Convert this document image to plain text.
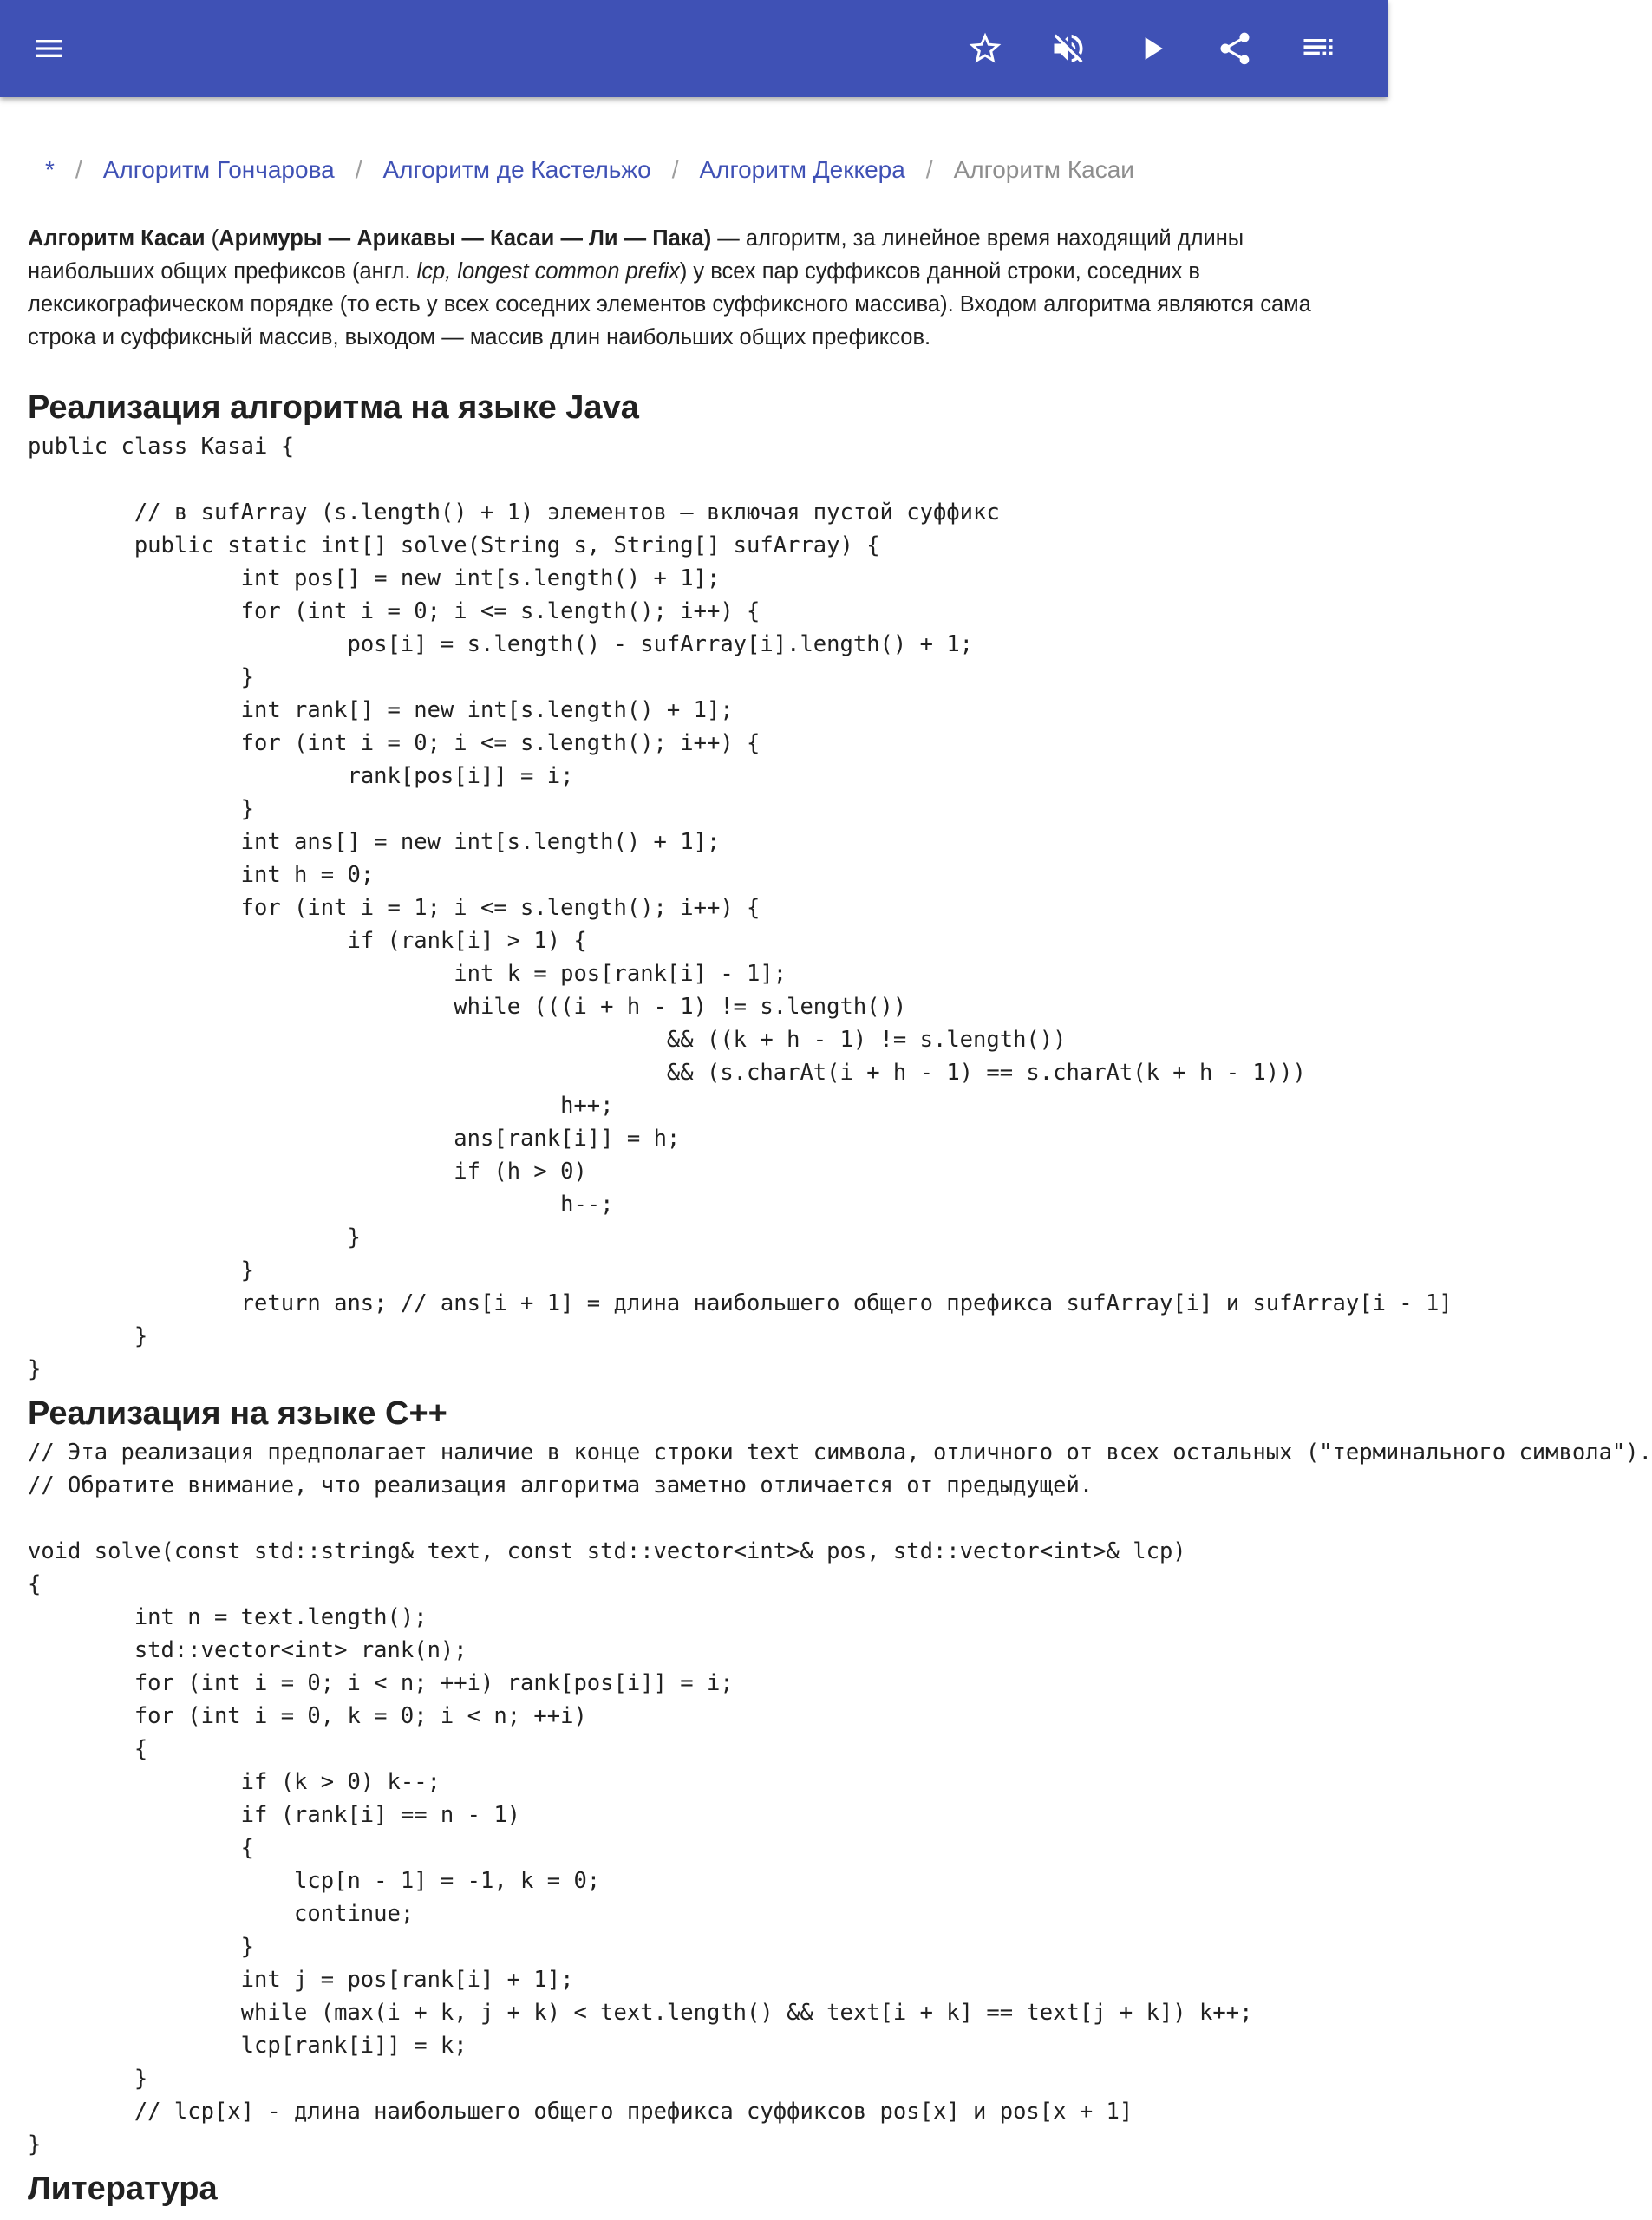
* / Алгоритм Гончарова / Алгоритм де Кастельжо / Алгоритм Деккера / Алгоритм Касаи

Алгоритм Касаи (Аримуры — Арикавы — Касаи — Ли — Пака) — алгоритм, за линейное время находящий длины наибольших общих префиксов (англ. lcp, longest common prefix) у всех пар суффиксов данной строки, соседних в лексикографическом порядке (то есть у всех соседних элементов суффиксного массива). Входом алгоритма являются сама строка и суффиксный массив, выходом — массив длин наибольших общих префиксов.

Реализация алгоритма на языке Java
public class Kasai {

	// в sufArray (s.length() + 1) элементов — включая пустой суффикс
	public static int[] solve(String s, String[] sufArray) {
		int pos[] = new int[s.length() + 1];
		for (int i = 0; i <= s.length(); i++) {
			pos[i] = s.length() - sufArray[i].length() + 1;
		}
		int rank[] = new int[s.length() + 1];
		for (int i = 0; i <= s.length(); i++) {
			rank[pos[i]] = i;
		}
		int ans[] = new int[s.length() + 1];
		int h = 0;
		for (int i = 1; i <= s.length(); i++) {
			if (rank[i] > 1) {
				int k = pos[rank[i] - 1];
				while (((i + h - 1) != s.length())
						&& ((k + h - 1) != s.length())
						&& (s.charAt(i + h - 1) == s.charAt(k + h - 1)))
					h++;
				ans[rank[i]] = h;
				if (h > 0)
					h--;
			}
		}
		return ans; // ans[i + 1] = длина наибольшего общего префикса sufArray[i] и sufArray[i - 1]
	}
}
Реализация на языке C++
// Эта реализация предполагает наличие в конце строки text символа, отличного от всех остальных ("терминального символа").
// Обратите внимание, что реализация алгоритма заметно отличается от предыдущей.

void solve(const std::string& text, const std::vector<int>& pos, std::vector<int>& lcp)
{
	int n = text.length();
	std::vector<int> rank(n);
	for (int i = 0; i < n; ++i) rank[pos[i]] = i;
	for (int i = 0, k = 0; i < n; ++i)
	{
		if (k > 0) k--;
		if (rank[i] == n - 1)
		{
		lcp[n - 1] = -1, k = 0;
		continue;
		}
		int j = pos[rank[i] + 1];
		while (max(i + k, j + k) < text.length() && text[i + k] == text[j + k]) k++;
		lcp[rank[i]] = k;
	}
	// lcp[x] - длина наибольшего общего префикса суффиксов pos[x] и pos[x + 1]
}
Литература
